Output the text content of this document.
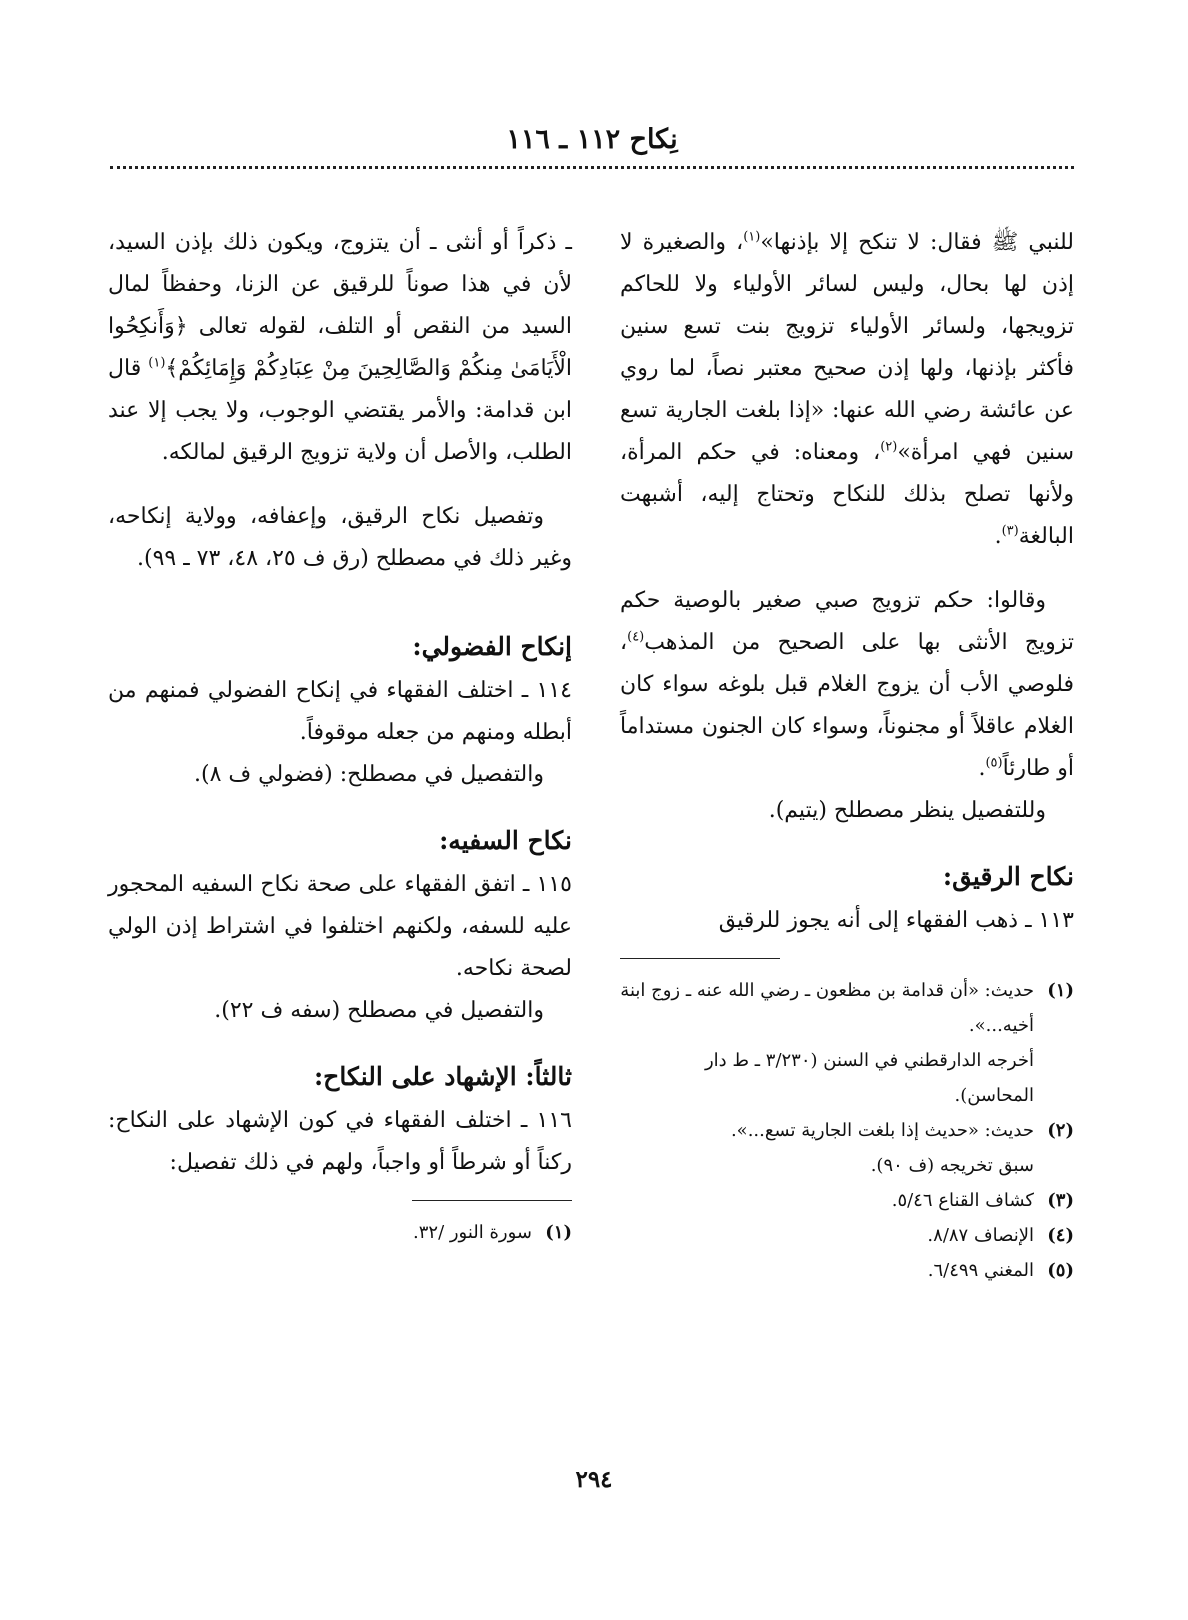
نِكاح ١١٢ ـ ١١٦

للنبي ﷺ فقال: لا تنكح إلا بإذنها»$^{(١)}$، والصغيرة لا إذن لها بحال، وليس لسائر الأولياء ولا للحاكم تزويجها، ولسائر الأولياء تزويج بنت تسع سنين فأكثر بإذنها، ولها إذن صحيح معتبر نصاً، لما روي عن عائشة رضي الله عنها: «إذا بلغت الجارية تسع سنين فهي امرأة»$^{(٢)}$، ومعناه: في حكم المرأة، ولأنها تصلح بذلك للنكاح وتحتاج إليه، أشبهت البالغة$^{(٣)}$.

وقالوا: حكم تزويج صبي صغير بالوصية حكم تزويج الأنثى بها على الصحيح من المذهب$^{(٤)}$، فلوصي الأب أن يزوج الغلام قبل بلوغه سواء كان الغلام عاقلاً أو مجنوناً، وسواء كان الجنون مستداماً أو طارئاً$^{(٥)}$.

وللتفصيل ينظر مصطلح (يتيم).

نكاح الرقيق:

١١٣ ـ ذهب الفقهاء إلى أنه يجوز للرقيق

(١)
حديث: «أن قدامة بن مظعون ـ رضي الله عنه ـ زوج ابنة أخيه...».
أخرجه الدارقطني في السنن (٣/٢٣٠ ـ ط دار المحاسن).
(٢)
حديث: «حديث إذا بلغت الجارية تسع...».
سبق تخريجه (ف ٩٠).
(٣)
كشاف القناع ٥/٤٦.
(٤)
الإنصاف ٨/٨٧.
(٥)
المغني ٦/٤٩٩.

ـ ذكراً أو أنثى ـ أن يتزوج، ويكون ذلك بإذن السيد، لأن في هذا صوناً للرقيق عن الزنا، وحفظاً لمال السيد من النقص أو التلف، لقوله تعالى ﴿وَأَنكِحُوا الْأَيَامَىٰ مِنكُمْ وَالصَّالِحِينَ مِنْ عِبَادِكُمْ وَإِمَائِكُمْ﴾$^{(١)}$ قال ابن قدامة: والأمر يقتضي الوجوب، ولا يجب إلا عند الطلب، والأصل أن ولاية تزويج الرقيق لمالكه.

وتفصيل نكاح الرقيق، وإعفافه، وولاية إنكاحه، وغير ذلك في مصطلح (رق ف ٢٥، ٤٨، ٧٣ ـ ٩٩).

إنكاح الفضولي:

١١٤ ـ اختلف الفقهاء في إنكاح الفضولي فمنهم من أبطله ومنهم من جعله موقوفاً.

والتفصيل في مصطلح: (فضولي ف ٨).

نكاح السفيه:

١١٥ ـ اتفق الفقهاء على صحة نكاح السفيه المحجور عليه للسفه، ولكنهم اختلفوا في اشتراط إذن الولي لصحة نكاحه.

والتفصيل في مصطلح (سفه ف ٢٢).

ثالثاً: الإشهاد على النكاح:

١١٦ ـ اختلف الفقهاء في كون الإشهاد على النكاح: ركناً أو شرطاً أو واجباً، ولهم في ذلك تفصيل:

(١)
سورة النور /٣٢.
٢٩٤
